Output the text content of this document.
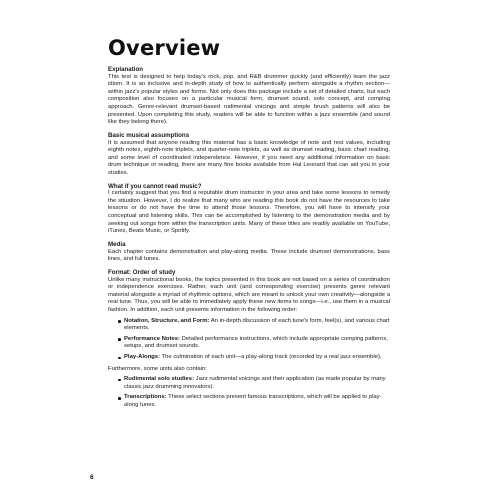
Overview

Explanation

This text is designed to help today's rock, pop, and R&B drummer quickly (and efficiently) learn the jazz idiom. It is an inclusive and in-depth study of how to authentically perform alongside a rhythm section—within jazz's popular styles and forms. Not only does this package include a set of detailed charts, but each composition also focuses on a particular musical form, drumset sound, solo concept, and comping approach. Genre-relevant drumset-based rudimental voicings and simple brush patterns will also be presented. Upon completing this study, readers will be able to function within a jazz ensemble (and sound like they belong there).

Basic musical assumptions

It is assumed that anyone reading this material has a basic knowledge of note and rest values, including eighth notes, eighth-note triplets, and quarter-note triplets, as well as drumset reading, basic chart reading, and some level of coordinated independence. However, if you need any additional information on basic drum technique or reading, there are many fine books available from Hal Leonard that can aid you in your studies.

What if you cannot read music?

I certainly suggest that you find a reputable drum instructor in your area and take some lessons to remedy the situation. However, I do realize that many who are reading this book do not have the resources to take lessons or do not have the time to attend those lessons. Therefore, you will have to intensify your conceptual and listening skills. This can be accomplished by listening to the demonstration media and by seeking out songs from within the transcription units. Many of these titles are readily available on YouTube, iTunes, Beats Music, or Spotify.

Media

Each chapter contains demonstration and play-along media. These include drumset demonstrations, bass lines, and full tunes.

Format: Order of study

Unlike many instructional books, the topics presented in this book are not based on a series of coordination or independence exercises. Rather, each unit (and corresponding exercise) presents genre relevant material alongside a myriad of rhythmic options, which are meant to unlock your own creativity—alongside a real tune. Thus, you will be able to immediately apply these new items to songs—i.e., use them in a musical fashion. In addition, each unit presents information in the following order:

Notation, Structure, and Form: An in-depth discussion of each tune's form, feel(s), and various chart elements.
Performance Notes: Detailed performance instructions, which include appropriate comping patterns, setups, and drumset sounds.
Play-Alongs: The culmination of each unit—a play-along track (recorded by a real jazz ensemble).

Furthermore, some units also contain:

Rudimental solo studies: Jazz rudimental voicings and their application (as made popular by many classic jazz drumming innovators).
Transcriptions: These select sections present famous transcriptions, which will be applied to play-along tunes.
6
